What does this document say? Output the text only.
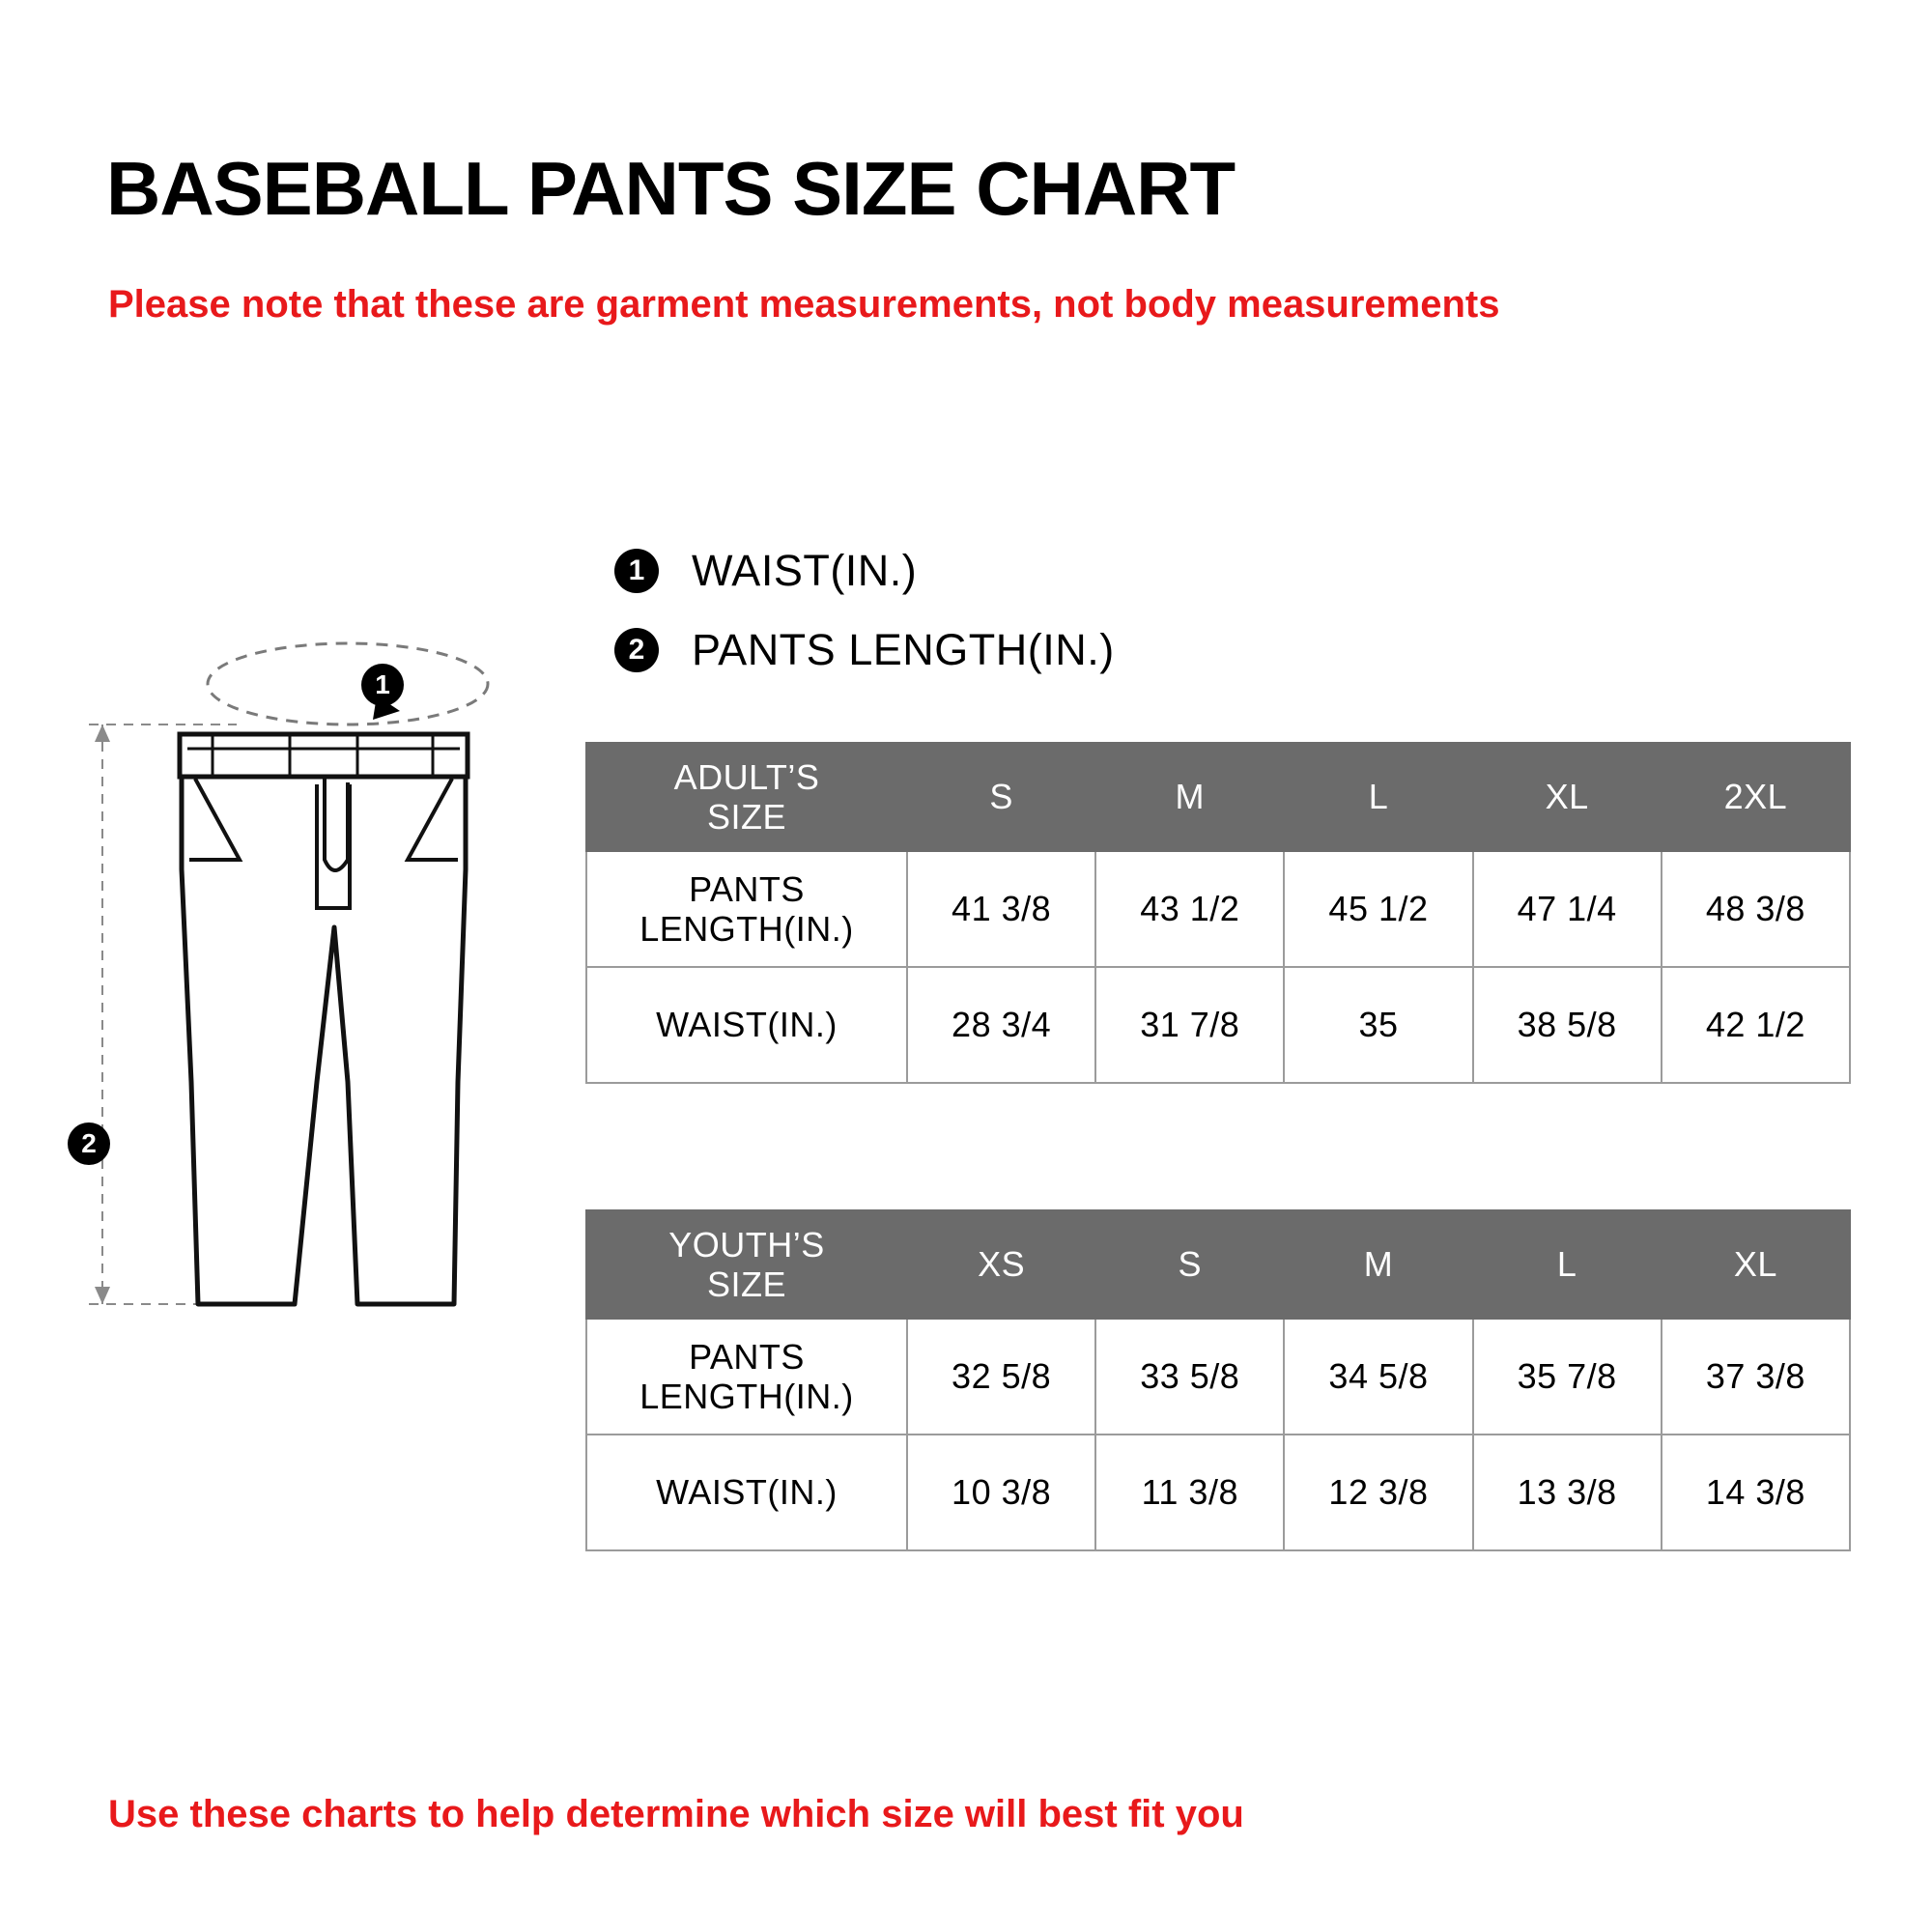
BASEBALL PANTS SIZE CHART
Please note that these are garment measurements, not body measurements
1	WAIST(IN.)
2	PANTS LENGTH(IN.)
1
2
ADULT’S
SIZE	S	M	L	XL	2XL

PANTS
LENGTH(IN.)	41 3/8	43 1/2	45 1/2	47 1/4	48 3/8
WAIST(IN.)	28 3/4	31 7/8	35	38 5/8	42 1/2
YOUTH’S
SIZE	XS	S	M	L	XL

PANTS
LENGTH(IN.)	32 5/8	33 5/8	34 5/8	35 7/8	37 3/8
WAIST(IN.)	10 3/8	11 3/8	12 3/8	13 3/8	14 3/8
Use these charts to help determine which size will best fit you
